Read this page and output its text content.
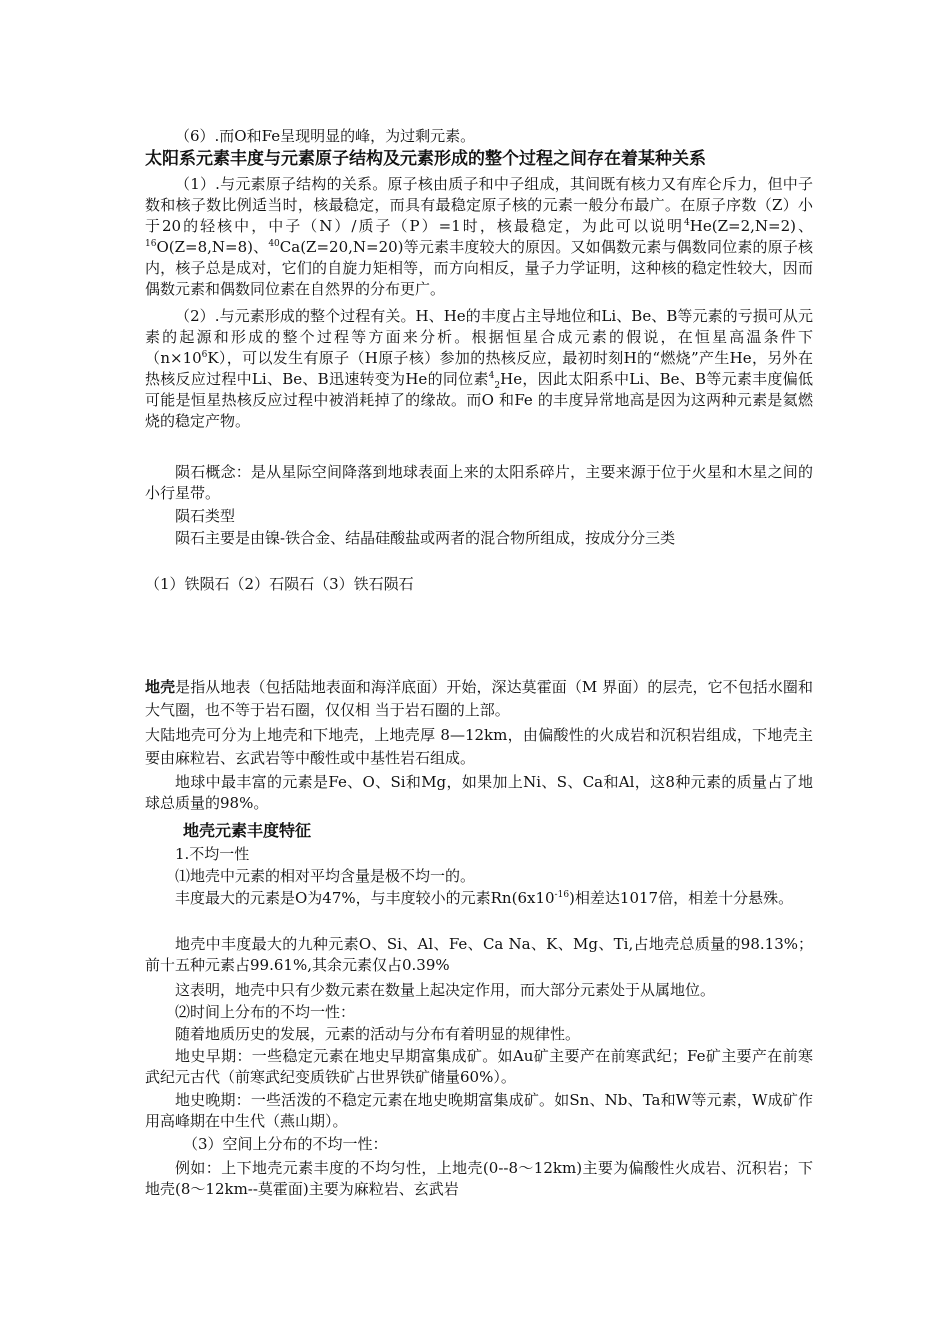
（6）.而O和Fe呈现明显的峰，为过剩元素。

太阳系元素丰度与元素原子结构及元素形成的整个过程之间存在着某种关系

（1）.与元素原子结构的关系。原子核由质子和中子组成，其间既有核力又有库仑斥力，但中子数和核子数比例适当时，核最稳定，而具有最稳定原子核的元素一般分布最广。在原子序数（Z）小于20的轻核中，中子（N）/质子（P）=1时，核最稳定，为此可以说明$^4$He(Z=2,N=2)、$^{16}$O(Z=8,N=8)、$^{40}$Ca(Z=20,N=20)等元素丰度较大的原因。又如偶数元素与偶数同位素的原子核内，核子总是成对，它们的自旋力矩相等，而方向相反，量子力学证明，这种核的稳定性较大，因而偶数元素和偶数同位素在自然界的分布更广。

（2）.与元素形成的整个过程有关。H、He的丰度占主导地位和Li、Be、B等元素的亏损可从元素的起源和形成的整个过程等方面来分析。根据恒星合成元素的假说，在恒星高温条件下$(n\times 10^6K)$，可以发生有原子（H原子核）参加的热核反应，最初时刻H的“燃烧”产生He，另外在热核反应过程中Li、Be、B迅速转变为He的同位素$^4_2$He，因此太阳系中Li、Be、B等元素丰度偏低可能是恒星热核反应过程中被消耗掉了的缘故。而O 和Fe 的丰度异常地高是因为这两种元素是氦燃烧的稳定产物。

陨石概念：是从星际空间降落到地球表面上来的太阳系碎片，主要来源于位于火星和木星之间的小行星带。

陨石类型

陨石主要是由镍-铁合金、结晶硅酸盐或两者的混合物所组成，按成分分三类

（1）铁陨石（2）石陨石（3）铁石陨石

地壳是指从地表（包括陆地表面和海洋底面）开始，深达莫霍面（M 界面）的层壳，它不包括水圈和大气圈，也不等于岩石圈，仅仅相 当于岩石圈的上部。

大陆地壳可分为上地壳和下地壳，上地壳厚 8—12km，由偏酸性的火成岩和沉积岩组成，下地壳主要由麻粒岩、玄武岩等中酸性或中基性岩石组成。

地球中最丰富的元素是Fe、O、Si和Mg，如果加上Ni、S、Ca和Al，这8种元素的质量占了地球总质量的98%。

地壳元素丰度特征

1.不均一性

⑴地壳中元素的相对平均含量是极不均一的。

丰度最大的元素是O为47%，与丰度较小的元素$Rn(6x10^{-16})$相差达1017倍，相差十分悬殊。

地壳中丰度最大的九种元素O、Si、Al、Fe、Ca Na、K、Mg、Ti,占地壳总质量的98.13%；前十五种元素占99.61%,其余元素仅占0.39%

这表明，地壳中只有少数元素在数量上起决定作用，而大部分元素处于从属地位。

⑵时间上分布的不均一性：

随着地质历史的发展，元素的活动与分布有着明显的规律性。

地史早期：一些稳定元素在地史早期富集成矿。如Au矿主要产在前寒武纪；Fe矿主要产在前寒武纪元古代（前寒武纪变质铁矿占世界铁矿储量60%）。

地史晚期：一些活泼的不稳定元素在地史晚期富集成矿。如Sn、Nb、Ta和W等元素，W成矿作用高峰期在中生代（燕山期）。

（3）空间上分布的不均一性：

例如：上下地壳元素丰度的不均匀性，上地壳(0--8～12km)主要为偏酸性火成岩、沉积岩；下地壳(8～12km--莫霍面)主要为麻粒岩、玄武岩
